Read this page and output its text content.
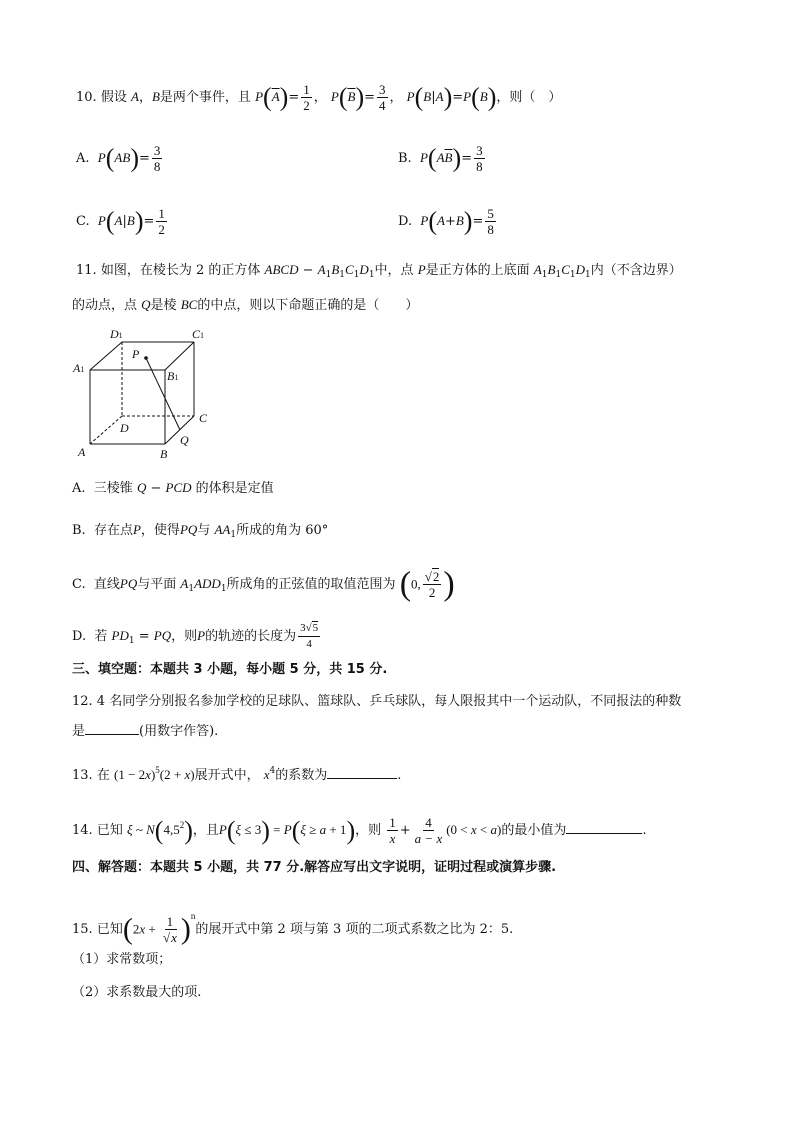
10. 假设 A，B是两个事件，且 $P(\overline{A})= \frac{1}{2}$ ， $P(\overline{B})= \frac{3}{4}$ ， P(B|A)=P(B)，则（　）
A. $P(AB)= \frac{3}{8}$	B. $P(A\overline{B})= \frac{3}{8}$
C. $P(A|B)= \frac{1}{2}$	D. $P(A+B)= \frac{5}{8}$
11. 如图，在棱长为 2 的正方体 ABCD − $A_1B_1C_1D_1$中，点 P是正方体的上底面 $A_1B_1C_1D_1$内（不含边界）
的动点，点 Q是棱 BC的中点，则以下命题正确的是（　　）
D1	C1
A1	B1
P
D
C
A	B
Q
A. 三棱锥 Q − PCD 的体积是定值
B. 存在点P，使得PQ与 $AA_1$所成的角为 60°
C. 直线PQ与平面 $A_1ADD_1$所成角的正弦值的取值范围为 (0, $\frac{√2}{2}$ )
D. 若 $PD_1$ = PQ，则P的轨迹的长度为 $\frac{3√5}{4}$
三、填空题：本题共 3 小题，每小题 5 分，共 15 分.
12. 4 名同学分别报名参加学校的足球队、篮球队、乒乓球队，每人限报其中一个运动队，不同报法的种数
是	(用数字作答).
13. 在 $(1 - 2x)^5(2 + x)$展开式中， $x^4$的系数为	.
14. 已知 ξ ~ $N(4,5^2)$，且P(ξ ≤ 3) = P(ξ ≥ a + 1)，则 $\frac{1}{x} + \frac{4}{a - x} (0 < x < a)$的最小值为	.
四、解答题：本题共 5 小题，共 77 分.解答应写出文字说明，证明过程或演算步骤.
15. 已知$(2x + \frac{1}{√x} )^n$的展开式中第 2 项与第 3 项的二项式系数之比为 2：5.
（1）求常数项；
（2）求系数最大的项.
